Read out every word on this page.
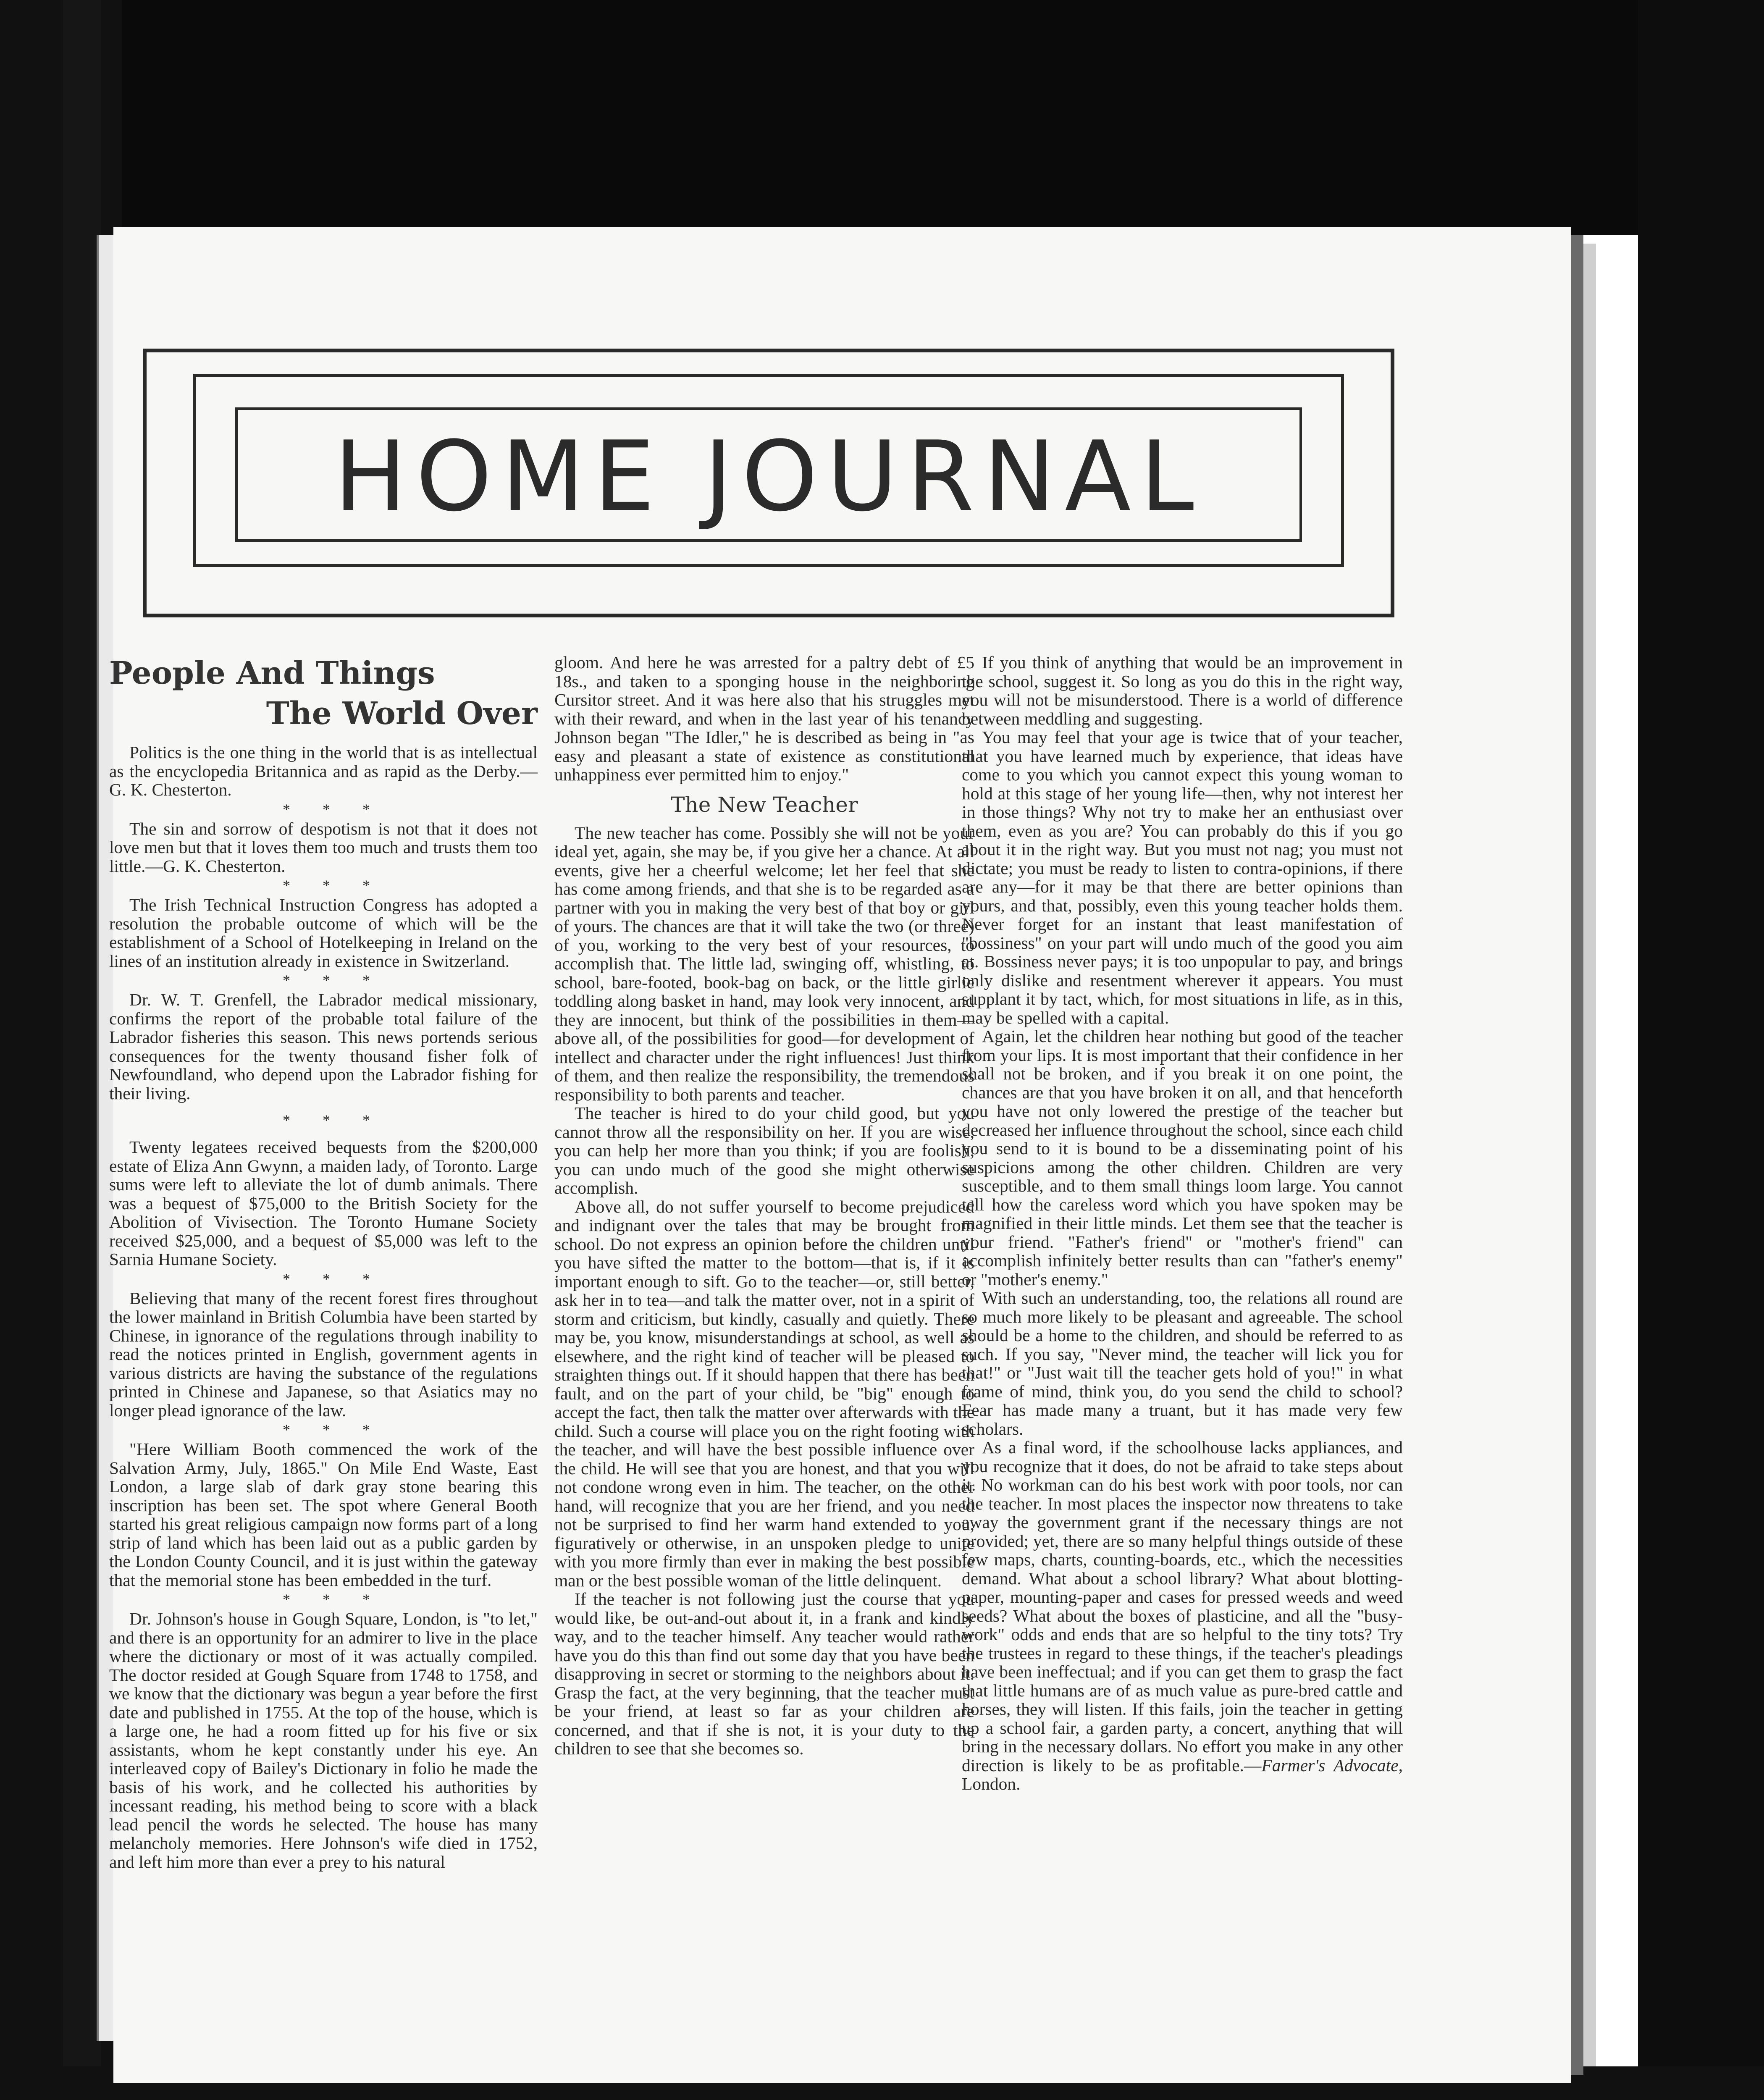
HOME JOURNAL
People And Things
The World Over

Politics is the one thing in the world that is as intellectual as the encyclopedia Britannica and as rapid as the Derby.—G. K. Chesterton.

* * *

The sin and sorrow of despotism is not that it does not love men but that it loves them too much and trusts them too little.—G. K. Chesterton.

* * *

The Irish Technical Instruction Congress has adopted a resolution the probable outcome of which will be the establishment of a School of Hotelkeeping in Ireland on the lines of an institution already in existence in Switzerland.

* * *

Dr. W. T. Grenfell, the Labrador medical missionary, confirms the report of the probable total failure of the Labrador fisheries this season. This news portends serious consequences for the twenty thousand fisher folk of Newfoundland, who depend upon the Labrador fishing for their living.

* * *

Twenty legatees received bequests from the $200,000 estate of Eliza Ann Gwynn, a maiden lady, of Toronto. Large sums were left to alleviate the lot of dumb animals. There was a bequest of $75,000 to the British Society for the Abolition of Vivisection. The Toronto Humane Society received $25,000, and a bequest of $5,000 was left to the Sarnia Humane Society.

* * *

Believing that many of the recent forest fires throughout the lower mainland in British Columbia have been started by Chinese, in ignorance of the regulations through inability to read the notices printed in English, government agents in various districts are having the substance of the regulations printed in Chinese and Japanese, so that Asiatics may no longer plead ignorance of the law.

* * *

"Here William Booth commenced the work of the Salvation Army, July, 1865." On Mile End Waste, East London, a large slab of dark gray stone bearing this inscription has been set. The spot where General Booth started his great religious campaign now forms part of a long strip of land which has been laid out as a public garden by the London County Council, and it is just within the gateway that the memorial stone has been embedded in the turf.

* * *

Dr. Johnson's house in Gough Square, London, is "to let," and there is an opportunity for an admirer to live in the place where the dictionary or most of it was actually compiled. The doctor resided at Gough Square from 1748 to 1758, and we know that the dictionary was begun a year before the first date and published in 1755. At the top of the house, which is a large one, he had a room fitted up for his five or six assistants, whom he kept constantly under his eye. An interleaved copy of Bailey's Dictionary in folio he made the basis of his work, and he collected his authorities by incessant reading, his method being to score with a black lead pencil the words he selected. The house has many melancholy memories. Here Johnson's wife died in 1752, and left him more than ever a prey to his natural

gloom. And here he was arrested for a paltry debt of £5 18s., and taken to a sponging house in the neighboring Cursitor street. And it was here also that his struggles met with their reward, and when in the last year of his tenancy Johnson began "The Idler," he is described as being in "as easy and pleasant a state of existence as constitutional unhappiness ever permitted him to enjoy."

The New Teacher

The new teacher has come. Possibly she will not be your ideal yet, again, she may be, if you give her a chance. At all events, give her a cheerful welcome; let her feel that she has come among friends, and that she is to be regarded as a partner with you in making the very best of that boy or girl of yours. The chances are that it will take the two (or three) of you, working to the very best of your resources, to accomplish that. The little lad, swinging off, whistling, to school, bare-footed, book-bag on back, or the little girlie toddling along basket in hand, may look very innocent, and they are innocent, but think of the possibilities in them—above all, of the possibilities for good—for development of intellect and character under the right influences! Just think of them, and then realize the responsibility, the tremendous responsibility to both parents and teacher.

The teacher is hired to do your child good, but you cannot throw all the responsibility on her. If you are wise, you can help her more than you think; if you are foolish, you can undo much of the good she might otherwise accomplish.

Above all, do not suffer yourself to become prejudiced and indignant over the tales that may be brought from school. Do not express an opinion before the children until you have sifted the matter to the bottom—that is, if it is important enough to sift. Go to the teacher—or, still better, ask her in to tea—and talk the matter over, not in a spirit of storm and criticism, but kindly, casually and quietly. There may be, you know, misunderstandings at school, as well as elsewhere, and the right kind of teacher will be pleased to straighten things out. If it should happen that there has been fault, and on the part of your child, be "big" enough to accept the fact, then talk the matter over afterwards with the child. Such a course will place you on the right footing with the teacher, and will have the best possible influence over the child. He will see that you are honest, and that you will not condone wrong even in him. The teacher, on the other hand, will recognize that you are her friend, and you need not be surprised to find her warm hand extended to you, figuratively or otherwise, in an unspoken pledge to unite with you more firmly than ever in making the best possible man or the best possible woman of the little delinquent.

If the teacher is not following just the course that you would like, be out-and-out about it, in a frank and kindly way, and to the teacher himself. Any teacher would rather have you do this than find out some day that you have been disapproving in secret or storming to the neighbors about it. Grasp the fact, at the very beginning, that the teacher must be your friend, at least so far as your children are concerned, and that if she is not, it is your duty to the children to see that she becomes so.

If you think of anything that would be an improvement in the school, suggest it. So long as you do this in the right way, you will not be misunderstood. There is a world of difference between meddling and suggesting.

You may feel that your age is twice that of your teacher, that you have learned much by experience, that ideas have come to you which you cannot expect this young woman to hold at this stage of her young life—then, why not interest her in those things? Why not try to make her an enthusiast over them, even as you are? You can probably do this if you go about it in the right way. But you must not nag; you must not dictate; you must be ready to listen to contra-opinions, if there are any—for it may be that there are better opinions than yours, and that, possibly, even this young teacher holds them. Never forget for an instant that least manifestation of "bossiness" on your part will undo much of the good you aim at. Bossiness never pays; it is too unpopular to pay, and brings only dislike and resentment wherever it appears. You must supplant it by tact, which, for most situations in life, as in this, may be spelled with a capital.

Again, let the children hear nothing but good of the teacher from your lips. It is most important that their confidence in her shall not be broken, and if you break it on one point, the chances are that you have broken it on all, and that henceforth you have not only lowered the prestige of the teacher but decreased her influence throughout the school, since each child you send to it is bound to be a disseminating point of his suspicions among the other children. Children are very susceptible, and to them small things loom large. You cannot tell how the careless word which you have spoken may be magnified in their little minds. Let them see that the teacher is your friend. "Father's friend" or "mother's friend" can accomplish infinitely better results than can "father's enemy" or "mother's enemy."

With such an understanding, too, the relations all round are so much more likely to be pleasant and agreeable. The school should be a home to the children, and should be referred to as such. If you say, "Never mind, the teacher will lick you for that!" or "Just wait till the teacher gets hold of you!" in what frame of mind, think you, do you send the child to school? Fear has made many a truant, but it has made very few scholars.

As a final word, if the schoolhouse lacks appliances, and you recognize that it does, do not be afraid to take steps about it. No workman can do his best work with poor tools, nor can the teacher. In most places the inspector now threatens to take away the government grant if the necessary things are not provided; yet, there are so many helpful things outside of these few maps, charts, counting-boards, etc., which the necessities demand. What about a school library? What about blotting-paper, mounting-paper and cases for pressed weeds and weed seeds? What about the boxes of plasticine, and all the "busy-work" odds and ends that are so helpful to the tiny tots? Try the trustees in regard to these things, if the teacher's pleadings have been ineffectual; and if you can get them to grasp the fact that little humans are of as much value as pure-bred cattle and horses, they will listen. If this fails, join the teacher in getting up a school fair, a garden party, a concert, anything that will bring in the necessary dollars. No effort you make in any other direction is likely to be as profitable.—Farmer's Advocate, London.
